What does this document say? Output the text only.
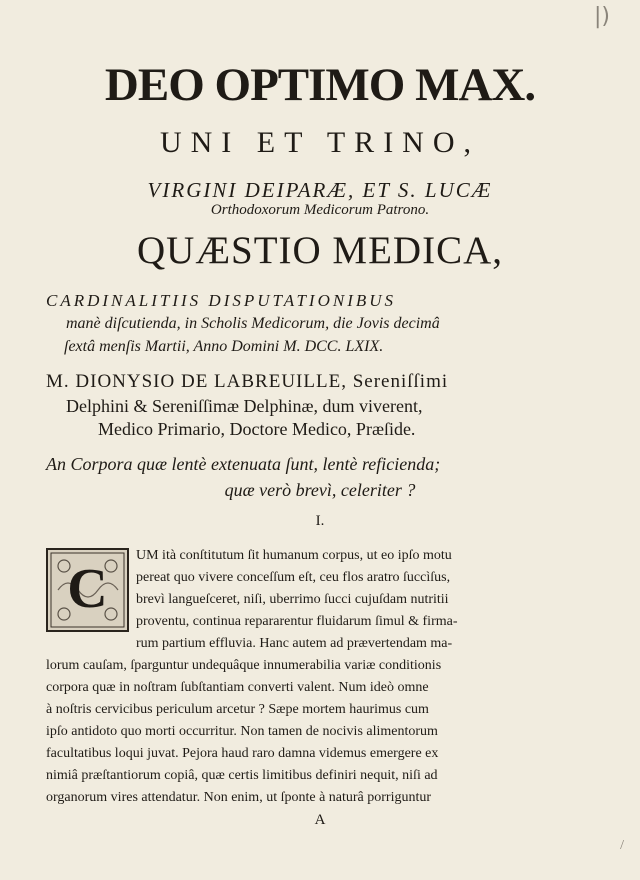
|)
DEO OPTIMO MAX.
UNI ET TRINO,
VIRGINI DEIPARÆ, ET S. LUCÆ
Orthodoxorum Medicorum Patrono.
QUÆSTIO MEDICA,
CARDINALITIIS DISPUTATIONIBUS
manè diſcutienda, in Scholis Medicorum, die Jovis decimâ
ſextâ menſis Martii, Anno Domini M. DCC. LXIX.
M. DIONYSIO DE LABREUILLE, Sereniſſimi
Delphini & Sereniſſimæ Delphinæ, dum viverent,
Medico Primario, Doctore Medico, Præſide.
An Corpora quæ lentè extenuata ſunt, lentè reficienda;
quæ verò brevì, celeriter ?
I.
C
UM ità conſtitutum ſit humanum corpus, ut eo ipſo motu
pereat quo vivere conceſſum eſt, ceu flos aratro ſuccìſus,
brevì langueſceret, niſi, uberrimo ſucci cujuſdam nutritii
proventu, continua repararentur fluidarum ſimul & firma-
rum partium effluvia. Hanc autem ad prævertendam ma-
lorum cauſam, ſparguntur undequâque innumerabilia variæ conditionis
corpora quæ in noſtram ſubſtantiam converti valent. Num ideò omne
à noſtris cervicibus periculum arcetur ? Sæpe mortem haurimus cum
ipſo antidoto quo morti occurritur. Non tamen de nocivis alimentorum
facultatibus loqui juvat. Pejora haud raro damna videmus emergere ex
nimiâ præſtantiorum copiâ, quæ certis limitibus definiri nequit, niſi ad
organorum vires attendatur. Non enim, ut ſponte à naturâ porriguntur
A
/
